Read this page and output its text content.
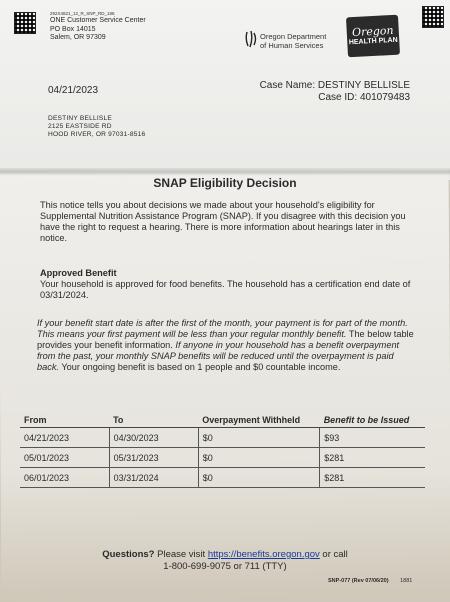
292X4821_12_R_SNP_RD_188
ONE Customer Service Center
PO Box 14015
Salem, OR 97309	Oregon Department
of Human Services
Oregon
HEALTH PLAN
04/21/2023	Case Name: DESTINY BELLISLE
Case ID: 401079483
DESTINY BELLISLE
2125 EASTSIDE RD
HOOD RIVER, OR 97031-8516
SNAP Eligibility Decision
This notice tells you about decisions we made about your household's eligibility for Supplemental Nutrition Assistance Program (SNAP). If you disagree with this decision you have the right to request a hearing. There is more information about hearings later in this notice.
Approved Benefit
Your household is approved for food benefits. The household has a certification end date of 03/31/2024.
If your benefit start date is after the first of the month, your payment is for part of the month. This means your first payment will be less than your regular monthly benefit. The below table provides your benefit information. If anyone in your household has a benefit overpayment from the past, your monthly SNAP benefits will be reduced until the overpayment is paid back. Your ongoing benefit is based on 1 people and $0 countable income.
From	To	Overpayment Withheld	Benefit to be Issued
04/21/2023	04/30/2023	$0	$93
05/01/2023	05/31/2023	$0	$281
06/01/2023	03/31/2024	$0	$281
Questions? Please visit https://benefits.oregon.gov or call
1-800-699-9075 or 711 (TTY)
SNP-077 (Rev 07/06/20) 1881
